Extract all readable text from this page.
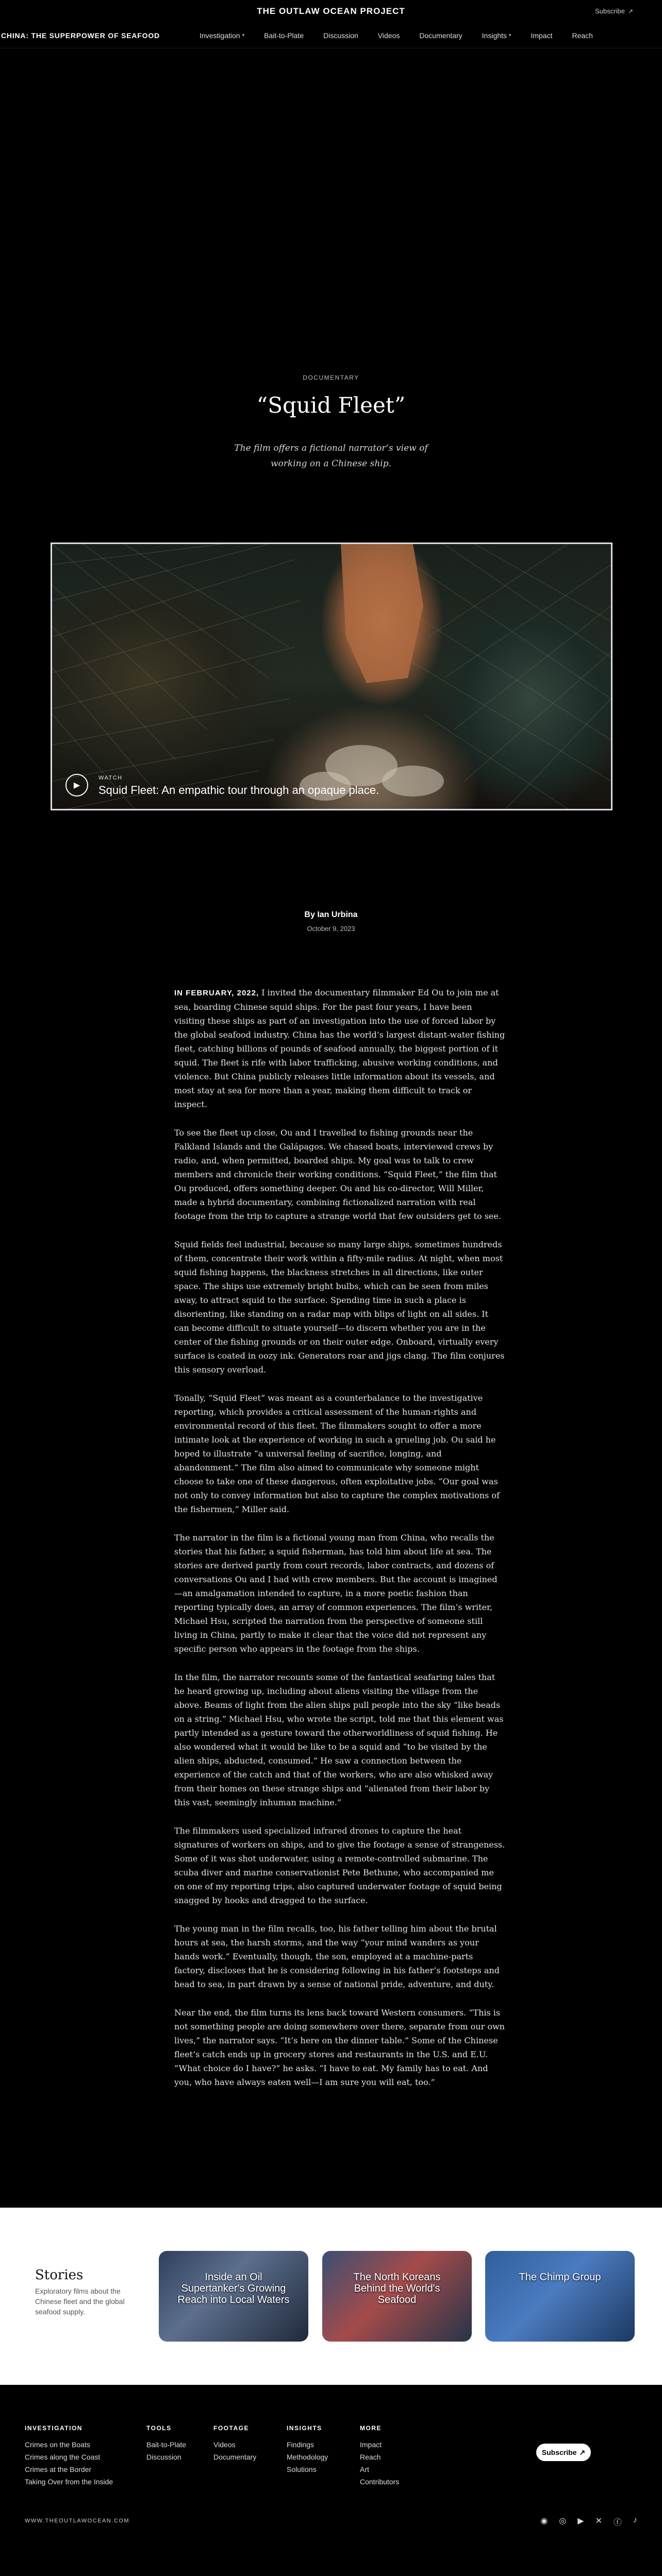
THE OUTLAW OCEAN PROJECT	Subscribe ↗
CHINA: THE SUPERPOWER OF SEAFOOD	Investigation ▾	Bait-to-Plate	Discussion	Videos	Documentary	Insights ▾	Impact	Reach
DOCUMENTARY
“Squid Fleet”

The film offers a fictional narrator’s view of working on a Chinese ship.

▶
WATCH
Squid Fleet: An empathic tour through an opaque place.
By Ian Urbina
October 9, 2023

IN FEBRUARY, 2022, I invited the documentary filmmaker Ed Ou to join me at sea, boarding Chinese squid ships. For the past four years, I have been visiting these ships as part of an investigation into the use of forced labor by the global seafood industry. China has the world’s largest distant-water fishing fleet, catching billions of pounds of seafood annually, the biggest portion of it squid. The fleet is rife with labor trafficking, abusive working conditions, and violence. But China publicly releases little information about its vessels, and most stay at sea for more than a year, making them difficult to track or inspect.

To see the fleet up close, Ou and I travelled to fishing grounds near the Falkland Islands and the Galápagos. We chased boats, interviewed crews by radio, and, when permitted, boarded ships. My goal was to talk to crew members and chronicle their working conditions. “Squid Fleet,” the film that Ou produced, offers something deeper. Ou and his co-director, Will Miller, made a hybrid documentary, combining fictionalized narration with real footage from the trip to capture a strange world that few outsiders get to see.

Squid fields feel industrial, because so many large ships, sometimes hundreds of them, concentrate their work within a fifty-mile radius. At night, when most squid fishing happens, the blackness stretches in all directions, like outer space. The ships use extremely bright bulbs, which can be seen from miles away, to attract squid to the surface. Spending time in such a place is disorienting, like standing on a radar map with blips of light on all sides. It can become difficult to situate yourself—to discern whether you are in the center of the fishing grounds or on their outer edge. Onboard, virtually every surface is coated in oozy ink. Generators roar and jigs clang. The film conjures this sensory overload.

Tonally, “Squid Fleet” was meant as a counterbalance to the investigative reporting, which provides a critical assessment of the human-rights and environmental record of this fleet. The filmmakers sought to offer a more intimate look at the experience of working in such a grueling job. Ou said he hoped to illustrate “a universal feeling of sacrifice, longing, and abandonment.” The film also aimed to communicate why someone might choose to take one of these dangerous, often exploitative jobs. “Our goal was not only to convey information but also to capture the complex motivations of the fishermen,” Miller said.

The narrator in the film is a fictional young man from China, who recalls the stories that his father, a squid fisherman, has told him about life at sea. The stories are derived partly from court records, labor contracts, and dozens of conversations Ou and I had with crew members. But the account is imagined—an amalgamation intended to capture, in a more poetic fashion than reporting typically does, an array of common experiences. The film’s writer, Michael Hsu, scripted the narration from the perspective of someone still living in China, partly to make it clear that the voice did not represent any specific person who appears in the footage from the ships.

In the film, the narrator recounts some of the fantastical seafaring tales that he heard growing up, including about aliens visiting the village from the above. Beams of light from the alien ships pull people into the sky “like beads on a string.” Michael Hsu, who wrote the script, told me that this element was partly intended as a gesture toward the otherworldliness of squid fishing. He also wondered what it would be like to be a squid and “to be visited by the alien ships, abducted, consumed.” He saw a connection between the experience of the catch and that of the workers, who are also whisked away from their homes on these strange ships and “alienated from their labor by this vast, seemingly inhuman machine.”

The filmmakers used specialized infrared drones to capture the heat signatures of workers on ships, and to give the footage a sense of strangeness. Some of it was shot underwater, using a remote-controlled submarine. The scuba diver and marine conservationist Pete Bethune, who accompanied me on one of my reporting trips, also captured underwater footage of squid being snagged by hooks and dragged to the surface.

The young man in the film recalls, too, his father telling him about the brutal hours at sea, the harsh storms, and the way “your mind wanders as your hands work.” Eventually, though, the son, employed at a machine-parts factory, discloses that he is considering following in his father’s footsteps and head to sea, in part drawn by a sense of national pride, adventure, and duty.

Near the end, the film turns its lens back toward Western consumers. “This is not something people are doing somewhere over there, separate from our own lives,” the narrator says. “It’s here on the dinner table.” Some of the Chinese fleet’s catch ends up in grocery stores and restaurants in the U.S. and E.U. “What choice do I have?” he asks. “I have to eat. My family has to eat. And you, who have always eaten well—I am sure you will eat, too.”

Stories
Exploratory films about the Chinese fleet and the global seafood supply.
Inside an Oil Supertanker's Growing Reach into Local Waters
The North Koreans Behind the World's Seafood
The Chimp Group
INVESTIGATION
Crimes on the Boats
Crimes along the Coast
Crimes at the Border
Taking Over from the Inside
TOOLS
Bait-to-Plate
Discussion
FOOTAGE
Videos
Documentary
INSIGHTS
Findings
Methodology
Solutions
MORE
Impact
Reach
Art
Contributors
Subscribe ↗
WWW.THEOUTLAWOCEAN.COM	◉ ◎ ▶ ✕ ⓕ ♪
